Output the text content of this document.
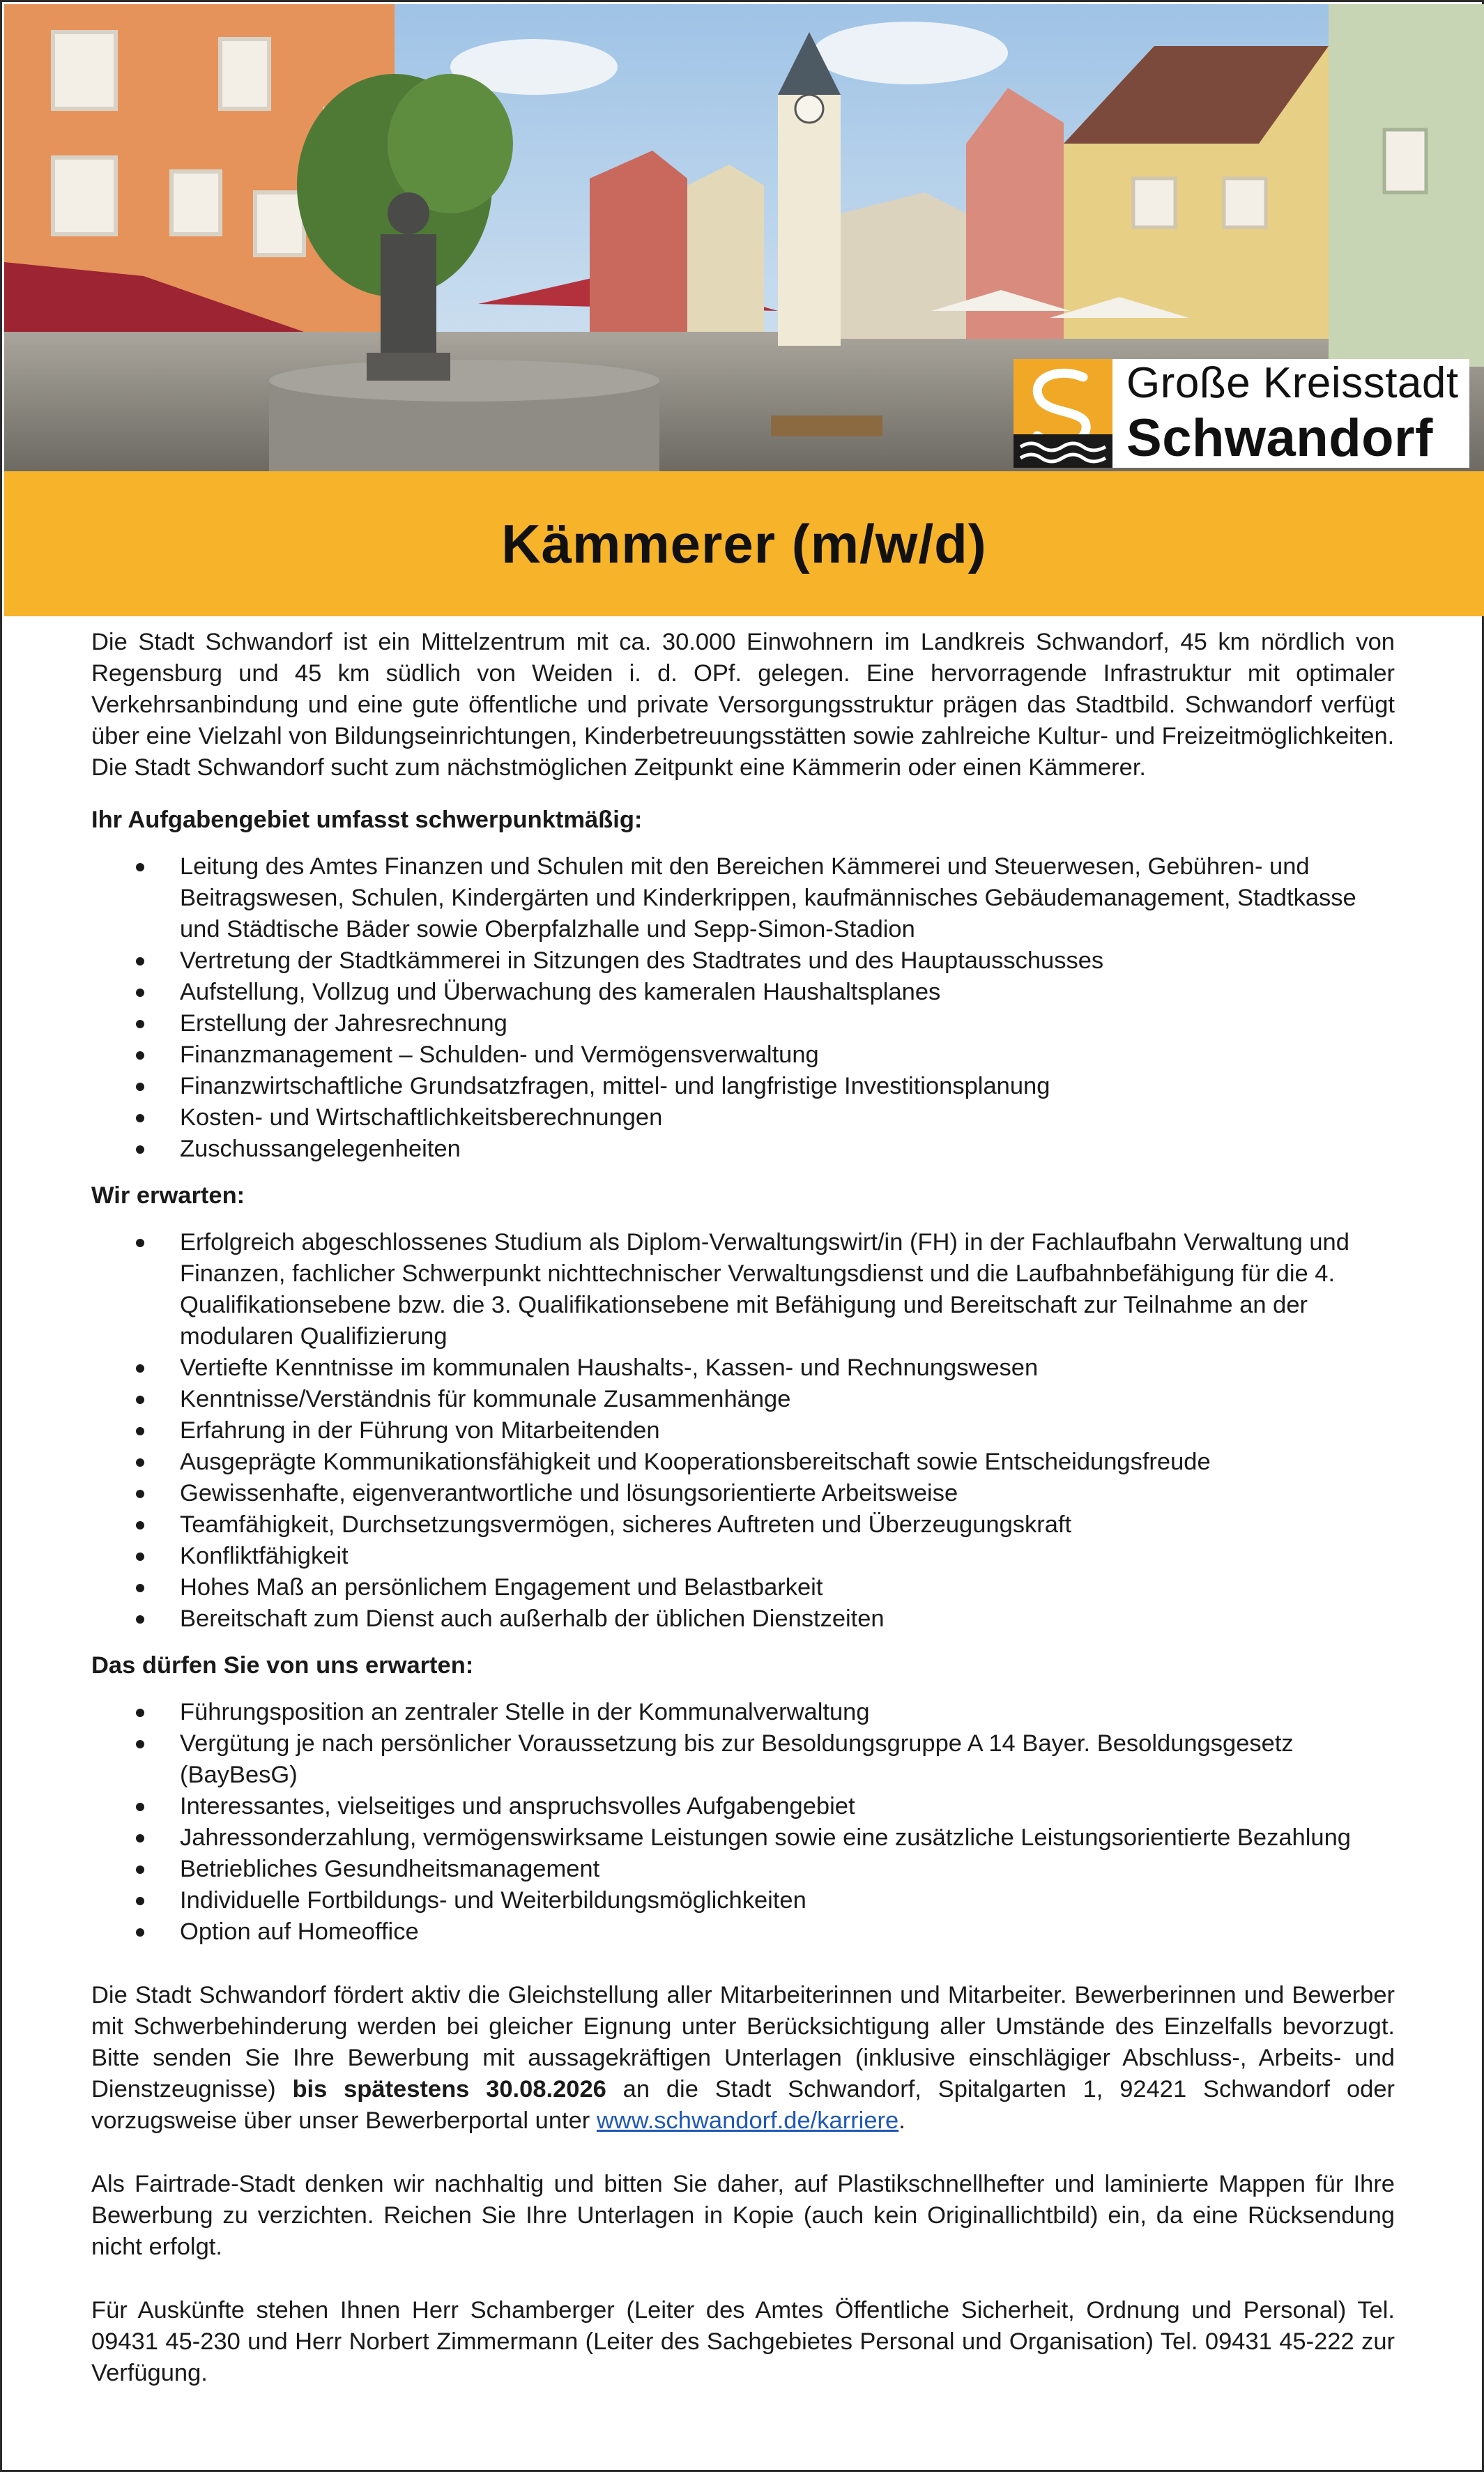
Große Kreisstadt
Schwandorf
Kämmerer (m/w/d)

Die Stadt Schwandorf ist ein Mittelzentrum mit ca. 30.000 Einwohnern im Landkreis Schwandorf, 45 km nördlich von Regensburg und 45 km südlich von Weiden i. d. OPf. gelegen. Eine hervorragende Infrastruktur mit optimaler Verkehrsanbindung und eine gute öffentliche und private Versorgungsstruktur prägen das Stadtbild. Schwandorf verfügt über eine Vielzahl von Bildungseinrichtungen, Kinderbetreuungsstätten sowie zahlreiche Kultur- und Freizeitmöglichkeiten.

Die Stadt Schwandorf sucht zum nächstmöglichen Zeitpunkt eine Kämmerin oder einen Kämmerer.

Ihr Aufgabengebiet umfasst schwerpunktmäßig:
Leitung des Amtes Finanzen und Schulen mit den Bereichen Kämmerei und Steuerwesen, Gebühren- und Beitragswesen, Schulen, Kindergärten und Kinderkrippen, kaufmännisches Gebäudemanagement, Stadtkasse und Städtische Bäder sowie Oberpfalzhalle und Sepp-Simon-Stadion
Vertretung der Stadtkämmerei in Sitzungen des Stadtrates und des Hauptausschusses
Aufstellung, Vollzug und Überwachung des kameralen Haushaltsplanes
Erstellung der Jahresrechnung
Finanzmanagement – Schulden- und Vermögensverwaltung
Finanzwirtschaftliche Grundsatzfragen, mittel- und langfristige Investitionsplanung
Kosten- und Wirtschaftlichkeitsberechnungen
Zuschussangelegenheiten
Wir erwarten:
Erfolgreich abgeschlossenes Studium als Diplom-Verwaltungswirt/in (FH) in der Fachlaufbahn Verwaltung und Finanzen, fachlicher Schwerpunkt nichttechnischer Verwaltungsdienst und die Laufbahnbefähigung für die 4. Qualifikationsebene bzw. die 3. Qualifikationsebene mit Befähigung und Bereitschaft zur Teilnahme an der modularen Qualifizierung
Vertiefte Kenntnisse im kommunalen Haushalts-, Kassen- und Rechnungswesen
Kenntnisse/Verständnis für kommunale Zusammenhänge
Erfahrung in der Führung von Mitarbeitenden
Ausgeprägte Kommunikationsfähigkeit und Kooperationsbereitschaft sowie Entscheidungsfreude
Gewissenhafte, eigenverantwortliche und lösungsorientierte Arbeitsweise
Teamfähigkeit, Durchsetzungsvermögen, sicheres Auftreten und Überzeugungskraft
Konfliktfähigkeit
Hohes Maß an persönlichem Engagement und Belastbarkeit
Bereitschaft zum Dienst auch außerhalb der üblichen Dienstzeiten
Das dürfen Sie von uns erwarten:
Führungsposition an zentraler Stelle in der Kommunalverwaltung
Vergütung je nach persönlicher Voraussetzung bis zur Besoldungsgruppe A 14 Bayer. Besoldungsgesetz (BayBesG)
Interessantes, vielseitiges und anspruchsvolles Aufgabengebiet
Jahressonderzahlung, vermögenswirksame Leistungen sowie eine zusätzliche Leistungsorientierte Bezahlung
Betriebliches Gesundheitsmanagement
Individuelle Fortbildungs- und Weiterbildungsmöglichkeiten
Option auf Homeoffice

Die Stadt Schwandorf fördert aktiv die Gleichstellung aller Mitarbeiterinnen und Mitarbeiter. Bewerberinnen und Bewerber mit Schwerbehinderung werden bei gleicher Eignung unter Berücksichtigung aller Umstände des Einzelfalls bevorzugt. Bitte senden Sie Ihre Bewerbung mit aussagekräftigen Unterlagen (inklusive einschlägiger Abschluss-, Arbeits- und Dienstzeugnisse) bis spätestens 30.08.2026 an die Stadt Schwandorf, Spitalgarten 1, 92421 Schwandorf oder vorzugsweise über unser Bewerberportal unter www.schwandorf.de/karriere.

Als Fairtrade-Stadt denken wir nachhaltig und bitten Sie daher, auf Plastikschnellhefter und laminierte Mappen für Ihre Bewerbung zu verzichten. Reichen Sie Ihre Unterlagen in Kopie (auch kein Originallichtbild) ein, da eine Rücksendung nicht erfolgt.

Für Auskünfte stehen Ihnen Herr Schamberger (Leiter des Amtes Öffentliche Sicherheit, Ordnung und Personal) Tel. 09431 45-230 und Herr Norbert Zimmermann (Leiter des Sachgebietes Personal und Organisation) Tel. 09431 45-222 zur Verfügung.
